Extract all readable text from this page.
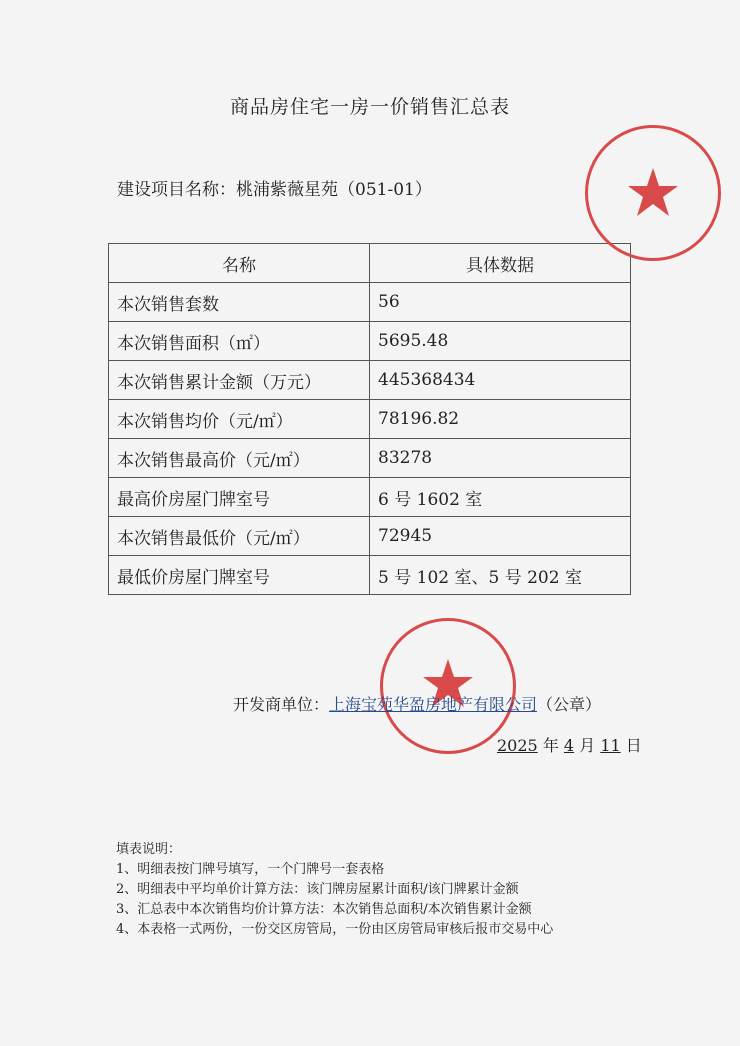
商品房住宅一房一价销售汇总表
建设项目名称：桃浦紫薇星苑（051-01）
名称	具体数据
本次销售套数	56
本次销售面积（㎡）	5695.48
本次销售累计金额（万元）	445368434
本次销售均价（元/㎡）	78196.82
本次销售最高价（元/㎡）	83278
最高价房屋门牌室号	6 号 1602 室
本次销售最低价（元/㎡）	72945
最低价房屋门牌室号	5 号 102 室、5 号 202 室
开发商单位：上海宝苑华盈房地产有限公司（公章）
2025 年 4 月 11 日
填表说明：
1、明细表按门牌号填写，一个门牌号一套表格
2、明细表中平均单价计算方法：该门牌房屋累计面积/该门牌累计金额
3、汇总表中本次销售均价计算方法：本次销售总面积/本次销售累计金额
4、本表格一式两份，一份交区房管局，一份由区房管局审核后报市交易中心
